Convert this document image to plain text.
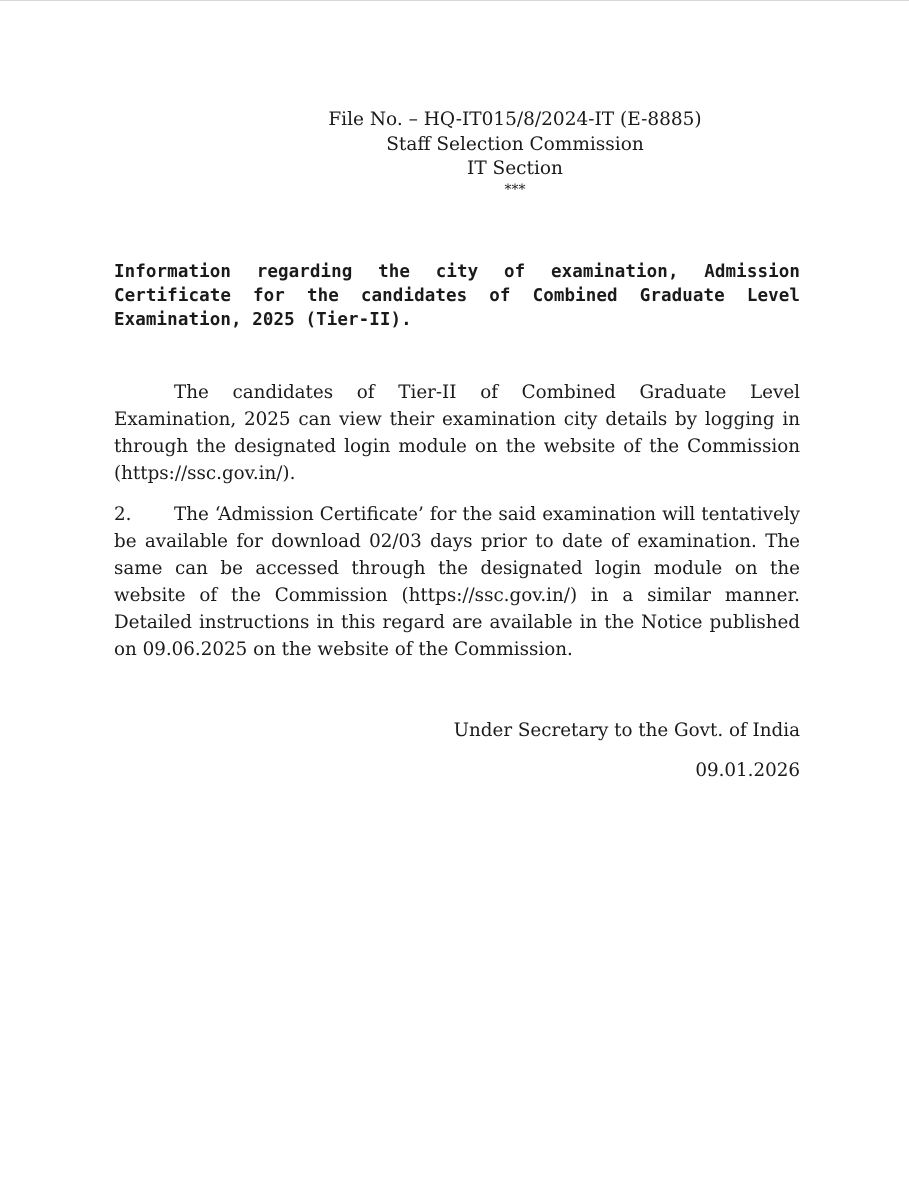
File No. – HQ-IT015/8/2024-IT (E-8885)
Staff Selection Commission
IT Section
***
Information regarding the city of examination, Admission Certificate for the candidates of Combined Graduate Level Examination, 2025 (Tier-II).
The candidates of Tier-II of Combined Graduate Level Examination, 2025 can view their examination city details by logging in through the designated login module on the website of the Commission (https://ssc.gov.in/).
2. The ‘Admission Certificate’ for the said examination will tentatively be available for download 02/03 days prior to date of examination. The same can be accessed through the designated login module on the website of the Commission (https://ssc.gov.in/) in a similar manner. Detailed instructions in this regard are available in the Notice published on 09.06.2025 on the website of the Commission.
Under Secretary to the Govt. of India
09.01.2026
